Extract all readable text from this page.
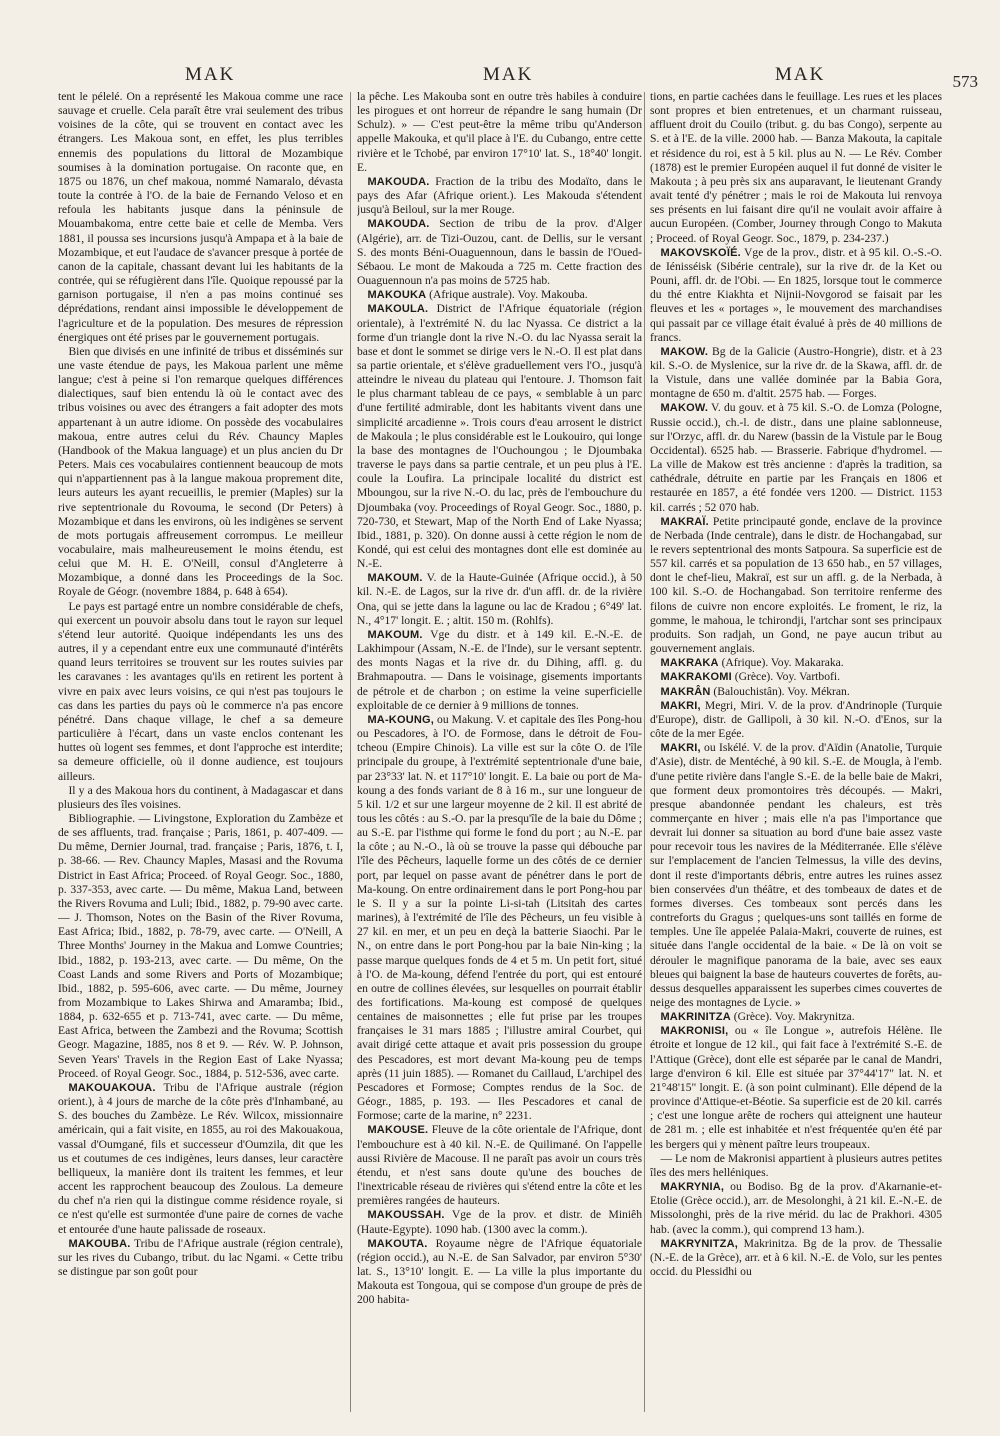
MAK	MAK	MAK	573

tent le pélelé. On a représenté les Makoua comme une race sauvage et cruelle. Cela paraît être vrai seulement des tribus voisines de la côte, qui se trouvent en contact avec les étrangers. Les Makoua sont, en effet, les plus terribles ennemis des populations du littoral de Mozambique soumises à la domination portugaise. On raconte que, en 1875 ou 1876, un chef makoua, nommé Namaralo, dévasta toute la contrée à l'O. de la baie de Fernando Veloso et en refoula les habitants jusque dans la péninsule de Mouambakoma, entre cette baie et celle de Memba. Vers 1881, il poussa ses incursions jusqu'à Ampapa et à la baie de Mozambique, et eut l'audace de s'avancer presque à portée de canon de la capitale, chassant devant lui les habitants de la contrée, qui se réfugièrent dans l'île. Quoique repoussé par la garnison portugaise, il n'en a pas moins continué ses déprédations, rendant ainsi impossible le développement de l'agriculture et de la population. Des mesures de répression énergiques ont été prises par le gouvernement portugais.

Bien que divisés en une infinité de tribus et disséminés sur une vaste étendue de pays, les Makoua parlent une même langue; c'est à peine si l'on remarque quelques différences dialectiques, sauf bien entendu là où le contact avec des tribus voisines ou avec des étrangers a fait adopter des mots appartenant à un autre idiome. On possède des vocabulaires makoua, entre autres celui du Rév. Chauncy Maples (Handbook of the Makua language) et un plus ancien du Dr Peters. Mais ces vocabulaires contiennent beaucoup de mots qui n'appartiennent pas à la langue makoua proprement dite, leurs auteurs les ayant recueillis, le premier (Maples) sur la rive septentrionale du Rovouma, le second (Dr Peters) à Mozambique et dans les environs, où les indigènes se servent de mots portugais affreusement corrompus. Le meilleur vocabulaire, mais malheureusement le moins étendu, est celui que M. H. E. O'Neill, consul d'Angleterre à Mozambique, a donné dans les Proceedings de la Soc. Royale de Géogr. (novembre 1884, p. 648 à 654).

Le pays est partagé entre un nombre considérable de chefs, qui exercent un pouvoir absolu dans tout le rayon sur lequel s'étend leur autorité. Quoique indépendants les uns des autres, il y a cependant entre eux une communauté d'intérêts quand leurs territoires se trouvent sur les routes suivies par les caravanes : les avantages qu'ils en retirent les portent à vivre en paix avec leurs voisins, ce qui n'est pas toujours le cas dans les parties du pays où le commerce n'a pas encore pénétré. Dans chaque village, le chef a sa demeure particulière à l'écart, dans un vaste enclos contenant les huttes où logent ses femmes, et dont l'approche est interdite; sa demeure officielle, où il donne audience, est toujours ailleurs.

Il y a des Makoua hors du continent, à Madagascar et dans plusieurs des îles voisines.

Bibliographie. — Livingstone, Exploration du Zambèze et de ses affluents, trad. française ; Paris, 1861, p. 407-409. — Du même, Dernier Journal, trad. française ; Paris, 1876, t. I, p. 38-66. — Rev. Chauncy Maples, Masasi and the Rovuma District in East Africa; Proceed. of Royal Geogr. Soc., 1880, p. 337-353, avec carte. — Du même, Makua Land, between the Rivers Rovuma and Luli; Ibid., 1882, p. 79-90 avec carte. — J. Thomson, Notes on the Basin of the River Rovuma, East Africa; Ibid., 1882, p. 78-79, avec carte. — O'Neill, A Three Months' Journey in the Makua and Lomwe Countries; Ibid., 1882, p. 193-213, avec carte. — Du même, On the Coast Lands and some Rivers and Ports of Mozambique; Ibid., 1882, p. 595-606, avec carte. — Du même, Journey from Mozambique to Lakes Shirwa and Amaramba; Ibid., 1884, p. 632-655 et p. 713-741, avec carte. — Du même, East Africa, between the Zambezi and the Rovuma; Scottish Geogr. Magazine, 1885, nos 8 et 9. — Rév. W. P. Johnson, Seven Years' Travels in the Region East of Lake Nyassa; Proceed. of Royal Geogr. Soc., 1884, p. 512-536, avec carte.

MAKOUAKOUA. Tribu de l'Afrique australe (région orient.), à 4 jours de marche de la côte près d'Inhambané, au S. des bouches du Zambèze. Le Rév. Wilcox, missionnaire américain, qui a fait visite, en 1855, au roi des Makouakoua, vassal d'Oumgané, fils et successeur d'Oumzila, dit que les us et coutumes de ces indigènes, leurs danses, leur caractère belliqueux, la manière dont ils traitent les femmes, et leur accent les rapprochent beaucoup des Zoulous. La demeure du chef n'a rien qui la distingue comme résidence royale, si ce n'est qu'elle est surmontée d'une paire de cornes de vache et entourée d'une haute palissade de roseaux.

MAKOUBA. Tribu de l'Afrique australe (région centrale), sur les rives du Cubango, tribut. du lac Ngami. « Cette tribu se distingue par son goût pour

la pêche. Les Makouba sont en outre très habiles à conduire les pirogues et ont horreur de répandre le sang humain (Dr Schulz). » — C'est peut-être la même tribu qu'Anderson appelle Makouka, et qu'il place à l'E. du Cubango, entre cette rivière et le Tchobé, par environ 17°10' lat. S., 18°40' longit. E.

MAKOUDA. Fraction de la tribu des Modaïto, dans le pays des Afar (Afrique orient.). Les Makouda s'étendent jusqu'à Beiloul, sur la mer Rouge.

MAKOUDA. Section de tribu de la prov. d'Alger (Algérie), arr. de Tizi-Ouzou, cant. de Dellis, sur le versant S. des monts Béni-Ouaguennoun, dans le bassin de l'Oued-Sébaou. Le mont de Makouda a 725 m. Cette fraction des Ouaguennoun n'a pas moins de 5725 hab.

MAKOUKA (Afrique australe). Voy. Makouba.

MAKOULA. District de l'Afrique équatoriale (région orientale), à l'extrémité N. du lac Nyassa. Ce district a la forme d'un triangle dont la rive N.-O. du lac Nyassa serait la base et dont le sommet se dirige vers le N.-O. Il est plat dans sa partie orientale, et s'élève graduellement vers l'O., jusqu'à atteindre le niveau du plateau qui l'entoure. J. Thomson fait le plus charmant tableau de ce pays, « semblable à un parc d'une fertilité admirable, dont les habitants vivent dans une simplicité arcadienne ». Trois cours d'eau arrosent le district de Makoula ; le plus considérable est le Loukouiro, qui longe la base des montagnes de l'Ouchoungou ; le Djoumbaka traverse le pays dans sa partie centrale, et un peu plus à l'E. coule la Loufira. La principale localité du district est Mboungou, sur la rive N.-O. du lac, près de l'embouchure du Djoumbaka (voy. Proceedings of Royal Geogr. Soc., 1880, p. 720-730, et Stewart, Map of the North End of Lake Nyassa; Ibid., 1881, p. 320). On donne aussi à cette région le nom de Kondé, qui est celui des montagnes dont elle est dominée au N.-E.

MAKOUM. V. de la Haute-Guinée (Afrique occid.), à 50 kil. N.-E. de Lagos, sur la rive dr. d'un affl. dr. de la rivière Ona, qui se jette dans la lagune ou lac de Kradou ; 6°49' lat. N., 4°17' longit. E. ; altit. 150 m. (Rohlfs).

MAKOUM. Vge du distr. et à 149 kil. E.-N.-E. de Lakhimpour (Assam, N.-E. de l'Inde), sur le versant septentr. des monts Nagas et la rive dr. du Dihing, affl. g. du Brahmapoutra. — Dans le voisinage, gisements importants de pétrole et de charbon ; on estime la veine superficielle exploitable de ce dernier à 9 millions de tonnes.

MA-KOUNG, ou Makung. V. et capitale des îles Pong-hou ou Pescadores, à l'O. de Formose, dans le détroit de Fou-tcheou (Empire Chinois). La ville est sur la côte O. de l'île principale du groupe, à l'extrémité septentrionale d'une baie, par 23°33' lat. N. et 117°10' longit. E. La baie ou port de Ma-koung a des fonds variant de 8 à 16 m., sur une longueur de 5 kil. 1/2 et sur une largeur moyenne de 2 kil. Il est abrité de tous les côtés : au S.-O. par la presqu'île de la baie du Dôme ; au S.-E. par l'isthme qui forme le fond du port ; au N.-E. par la côte ; au N.-O., là où se trouve la passe qui débouche par l'île des Pêcheurs, laquelle forme un des côtés de ce dernier port, par lequel on passe avant de pénétrer dans le port de Ma-koung. On entre ordinairement dans le port Pong-hou par le S. Il y a sur la pointe Li-si-tah (Litsitah des cartes marines), à l'extrémité de l'île des Pêcheurs, un feu visible à 27 kil. en mer, et un peu en deçà la batterie Siaochi. Par le N., on entre dans le port Pong-hou par la baie Nin-king ; la passe marque quelques fonds de 4 et 5 m. Un petit fort, situé à l'O. de Ma-koung, défend l'entrée du port, qui est entouré en outre de collines élevées, sur lesquelles on pourrait établir des fortifications. Ma-koung est composé de quelques centaines de maisonnettes ; elle fut prise par les troupes françaises le 31 mars 1885 ; l'illustre amiral Courbet, qui avait dirigé cette attaque et avait pris possession du groupe des Pescadores, est mort devant Ma-koung peu de temps après (11 juin 1885). — Romanet du Caillaud, L'archipel des Pescadores et Formose; Comptes rendus de la Soc. de Géogr., 1885, p. 193. — Iles Pescadores et canal de Formose; carte de la marine, n° 2231.

MAKOUSE. Fleuve de la côte orientale de l'Afrique, dont l'embouchure est à 40 kil. N.-E. de Quilimané. On l'appelle aussi Rivière de Macouse. Il ne paraît pas avoir un cours très étendu, et n'est sans doute qu'une des bouches de l'inextricable réseau de rivières qui s'étend entre la côte et les premières rangées de hauteurs.

MAKOUSSAH. Vge de la prov. et distr. de Miniêh (Haute-Egypte). 1090 hab. (1300 avec la comm.).

MAKOUTA. Royaume nègre de l'Afrique équatoriale (région occid.), au N.-E. de San Salvador, par environ 5°30' lat. S., 13°10' longit. E. — La ville la plus importante du Makouta est Tongoua, qui se compose d'un groupe de près de 200 habita-

tions, en partie cachées dans le feuillage. Les rues et les places sont propres et bien entretenues, et un charmant ruisseau, affluent droit du Couilo (tribut. g. du bas Congo), serpente au S. et à l'E. de la ville. 2000 hab. — Banza Makouta, la capitale et résidence du roi, est à 5 kil. plus au N. — Le Rév. Comber (1878) est le premier Européen auquel il fut donné de visiter le Makouta ; à peu près six ans auparavant, le lieutenant Grandy avait tenté d'y pénétrer ; mais le roi de Makouta lui renvoya ses présents en lui faisant dire qu'il ne voulait avoir affaire à aucun Européen. (Comber, Journey through Congo to Makuta ; Proceed. of Royal Geogr. Soc., 1879, p. 234-237.)

MAKOVSKOÏÉ. Vge de la prov., distr. et à 95 kil. O.-S.-O. de Iénisséisk (Sibérie centrale), sur la rive dr. de la Ket ou Pouni, affl. dr. de l'Obi. — En 1825, lorsque tout le commerce du thé entre Kiakhta et Nijnii-Novgorod se faisait par les fleuves et les « portages », le mouvement des marchandises qui passait par ce village était évalué à près de 40 millions de francs.

MAKOW. Bg de la Galicie (Austro-Hongrie), distr. et à 23 kil. S.-O. de Myslenice, sur la rive dr. de la Skawa, affl. dr. de la Vistule, dans une vallée dominée par la Babia Gora, montagne de 650 m. d'altit. 2575 hab. — Forges.

MAKOW. V. du gouv. et à 75 kil. S.-O. de Lomza (Pologne, Russie occid.), ch.-l. de distr., dans une plaine sablonneuse, sur l'Orzyc, affl. dr. du Narew (bassin de la Vistule par le Boug Occidental). 6525 hab. — Brasserie. Fabrique d'hydromel. — La ville de Makow est très ancienne : d'après la tradition, sa cathédrale, détruite en partie par les Français en 1806 et restaurée en 1857, a été fondée vers 1200. — District. 1153 kil. carrés ; 52 070 hab.

MAKRAÏ. Petite principauté gonde, enclave de la province de Nerbada (Inde centrale), dans le distr. de Hochangabad, sur le revers septentrional des monts Satpoura. Sa superficie est de 557 kil. carrés et sa population de 13 650 hab., en 57 villages, dont le chef-lieu, Makraï, est sur un affl. g. de la Nerbada, à 100 kil. S.-O. de Hochangabad. Son territoire renferme des filons de cuivre non encore exploités. Le froment, le riz, la gomme, le mahoua, le tchirondji, l'artchar sont ses principaux produits. Son radjah, un Gond, ne paye aucun tribut au gouvernement anglais.

MAKRAKA (Afrique). Voy. Makaraka.

MAKRAKOMI (Grèce). Voy. Vartbofi.

MAKRÂN (Balouchistân). Voy. Mékran.

MAKRI, Megri, Miri. V. de la prov. d'Andrinople (Turquie d'Europe), distr. de Gallipoli, à 30 kil. N.-O. d'Enos, sur la côte de la mer Egée.

MAKRI, ou Iskélé. V. de la prov. d'Aïdin (Anatolie, Turquie d'Asie), distr. de Mentéché, à 90 kil. S.-E. de Mougla, à l'emb. d'une petite rivière dans l'angle S.-E. de la belle baie de Makri, que forment deux promontoires très découpés. — Makri, presque abandonnée pendant les chaleurs, est très commerçante en hiver ; mais elle n'a pas l'importance que devrait lui donner sa situation au bord d'une baie assez vaste pour recevoir tous les navires de la Méditerranée. Elle s'élève sur l'emplacement de l'ancien Telmessus, la ville des devins, dont il reste d'importants débris, entre autres les ruines assez bien conservées d'un théâtre, et des tombeaux de dates et de formes diverses. Ces tombeaux sont percés dans les contreforts du Gragus ; quelques-uns sont taillés en forme de temples. Une île appelée Palaia-Makri, couverte de ruines, est située dans l'angle occidental de la baie. « De là on voit se dérouler le magnifique panorama de la baie, avec ses eaux bleues qui baignent la base de hauteurs couvertes de forêts, au-dessus desquelles apparaissent les superbes cimes couvertes de neige des montagnes de Lycie. »

MAKRINITZA (Grèce). Voy. Makrynitza.

MAKRONISI, ou « île Longue », autrefois Hélène. Ile étroite et longue de 12 kil., qui fait face à l'extrémité S.-E. de l'Attique (Grèce), dont elle est séparée par le canal de Mandri, large d'environ 6 kil. Elle est située par 37°44'17" lat. N. et 21°48'15" longit. E. (à son point culminant). Elle dépend de la province d'Attique-et-Béotie. Sa superficie est de 20 kil. carrés ; c'est une longue arête de rochers qui atteignent une hauteur de 281 m. ; elle est inhabitée et n'est fréquentée qu'en été par les bergers qui y mènent paître leurs troupeaux.

— Le nom de Makronisi appartient à plusieurs autres petites îles des mers helléniques.

MAKRYNIA, ou Bodiso. Bg de la prov. d'Akarnanie-et-Etolie (Grèce occid.), arr. de Mesolonghi, à 21 kil. E.-N.-E. de Missolonghi, près de la rive mérid. du lac de Prakhori. 4305 hab. (avec la comm.), qui comprend 13 ham.).

MAKRYNITZA, Makrinitza. Bg de la prov. de Thessalie (N.-E. de la Grèce), arr. et à 6 kil. N.-E. de Volo, sur les pentes occid. du Plessidhi ou
